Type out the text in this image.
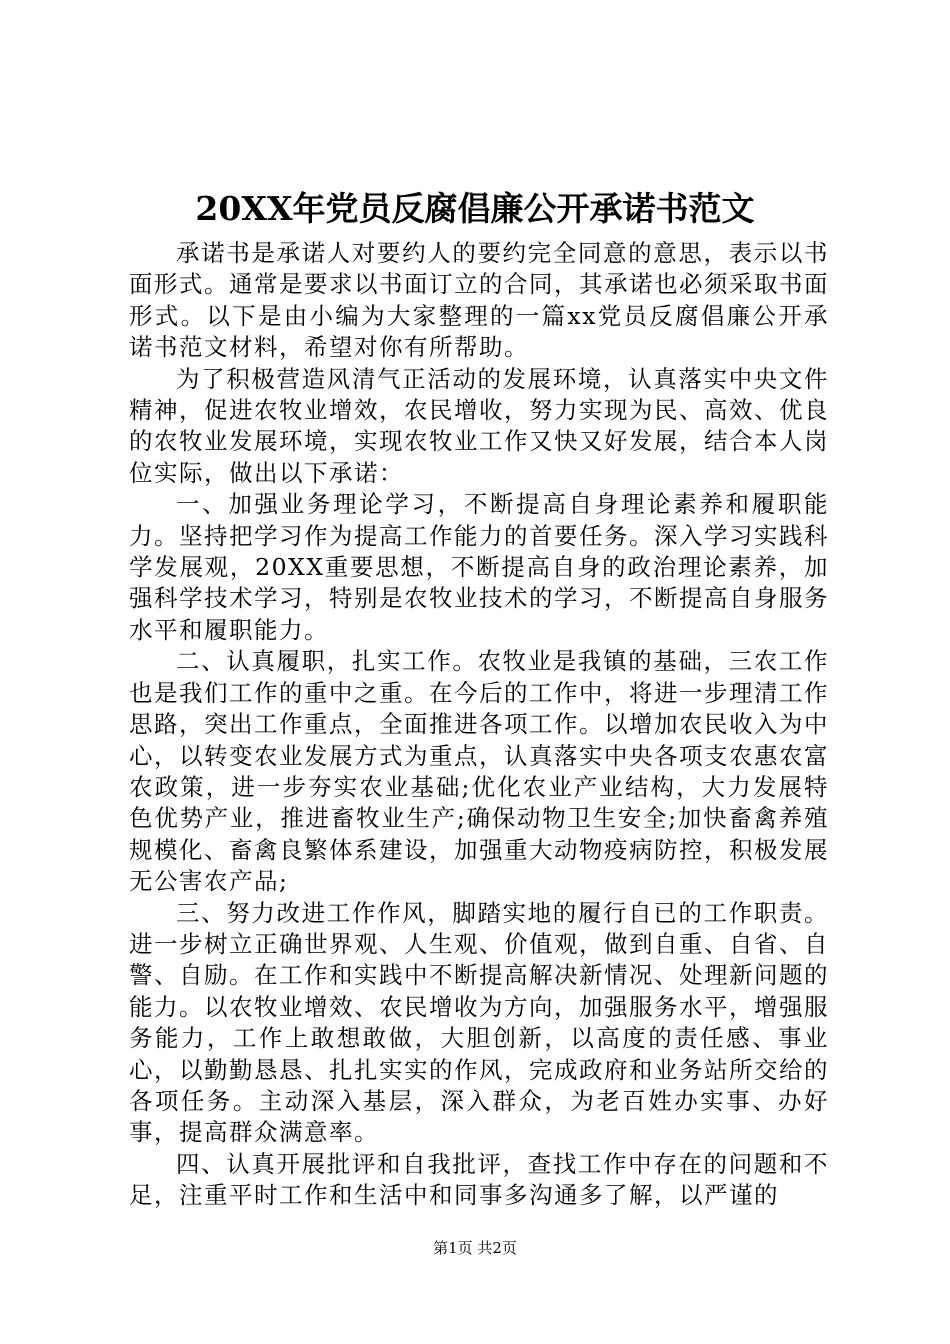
20XX年党员反腐倡廉公开承诺书范文

承诺书是承诺人对要约人的要约完全同意的意思，表示以书面形式。通常是要求以书面订立的合同，其承诺也必须采取书面形式。以下是由小编为大家整理的一篇xx党员反腐倡廉公开承诺书范文材料，希望对你有所帮助。

为了积极营造风清气正活动的发展环境，认真落实中央文件精神，促进农牧业增效，农民增收，努力实现为民、高效、优良的农牧业发展环境，实现农牧业工作又快又好发展，结合本人岗位实际，做出以下承诺：

一、加强业务理论学习，不断提高自身理论素养和履职能力。坚持把学习作为提高工作能力的首要任务。深入学习实践科学发展观，20XX重要思想，不断提高自身的政治理论素养，加强科学技术学习，特别是农牧业技术的学习，不断提高自身服务水平和履职能力。

二、认真履职，扎实工作。农牧业是我镇的基础，三农工作也是我们工作的重中之重。在今后的工作中，将进一步理清工作思路，突出工作重点，全面推进各项工作。以增加农民收入为中心，以转变农业发展方式为重点，认真落实中央各项支农惠农富农政策，进一步夯实农业基础;优化农业产业结构，大力发展特色优势产业，推进畜牧业生产;确保动物卫生安全;加快畜禽养殖规模化、畜禽良繁体系建设，加强重大动物疫病防控，积极发展无公害农产品;

三、努力改进工作作风，脚踏实地的履行自已的工作职责。进一步树立正确世界观、人生观、价值观，做到自重、自省、自警、自励。在工作和实践中不断提高解决新情况、处理新问题的能力。以农牧业增效、农民增收为方向，加强服务水平，增强服务能力，工作上敢想敢做，大胆创新，以高度的责任感、事业心，以勤勤恳恳、扎扎实实的作风，完成政府和业务站所交给的各项任务。主动深入基层，深入群众，为老百姓办实事、办好事，提高群众满意率。

四、认真开展批评和自我批评，查找工作中存在的问题和不足，注重平时工作和生活中和同事多沟通多了解，以严谨的

第1页 共2页
